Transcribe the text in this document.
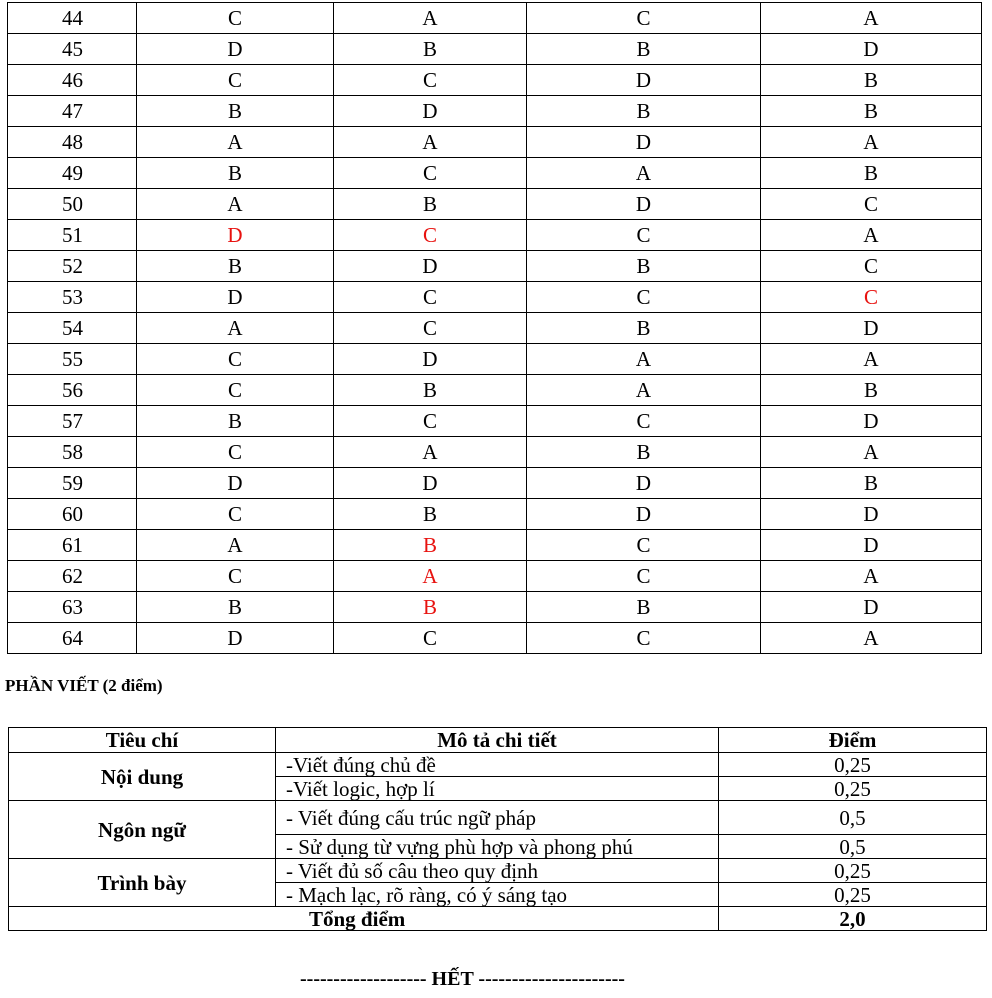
44	C	A	C	A
45	D	B	B	D
46	C	C	D	B
47	B	D	B	B
48	A	A	D	A
49	B	C	A	B
50	A	B	D	C
51	D	C	C	A
52	B	D	B	C
53	D	C	C	C
54	A	C	B	D
55	C	D	A	A
56	C	B	A	B
57	B	C	C	D
58	C	A	B	A
59	D	D	D	B
60	C	B	D	D
61	A	B	C	D
62	C	A	C	A
63	B	B	B	D
64	D	C	C	A

PHẦN VIẾT (2 điểm)

Tiêu chí	Mô tả chi tiết	Điểm
Nội dung	-Viết đúng chủ đề	0,25
	-Viết logic, hợp lí	0,25
Ngôn ngữ	- Viết đúng cấu trúc ngữ pháp	0,5
	- Sử dụng từ vựng phù hợp và phong phú	0,5
Trình bày	- Viết đủ số câu theo quy định	0,25
	- Mạch lạc, rõ ràng, có ý sáng tạo	0,25
Tổng điểm		2,0

------------------- HẾT ----------------------
